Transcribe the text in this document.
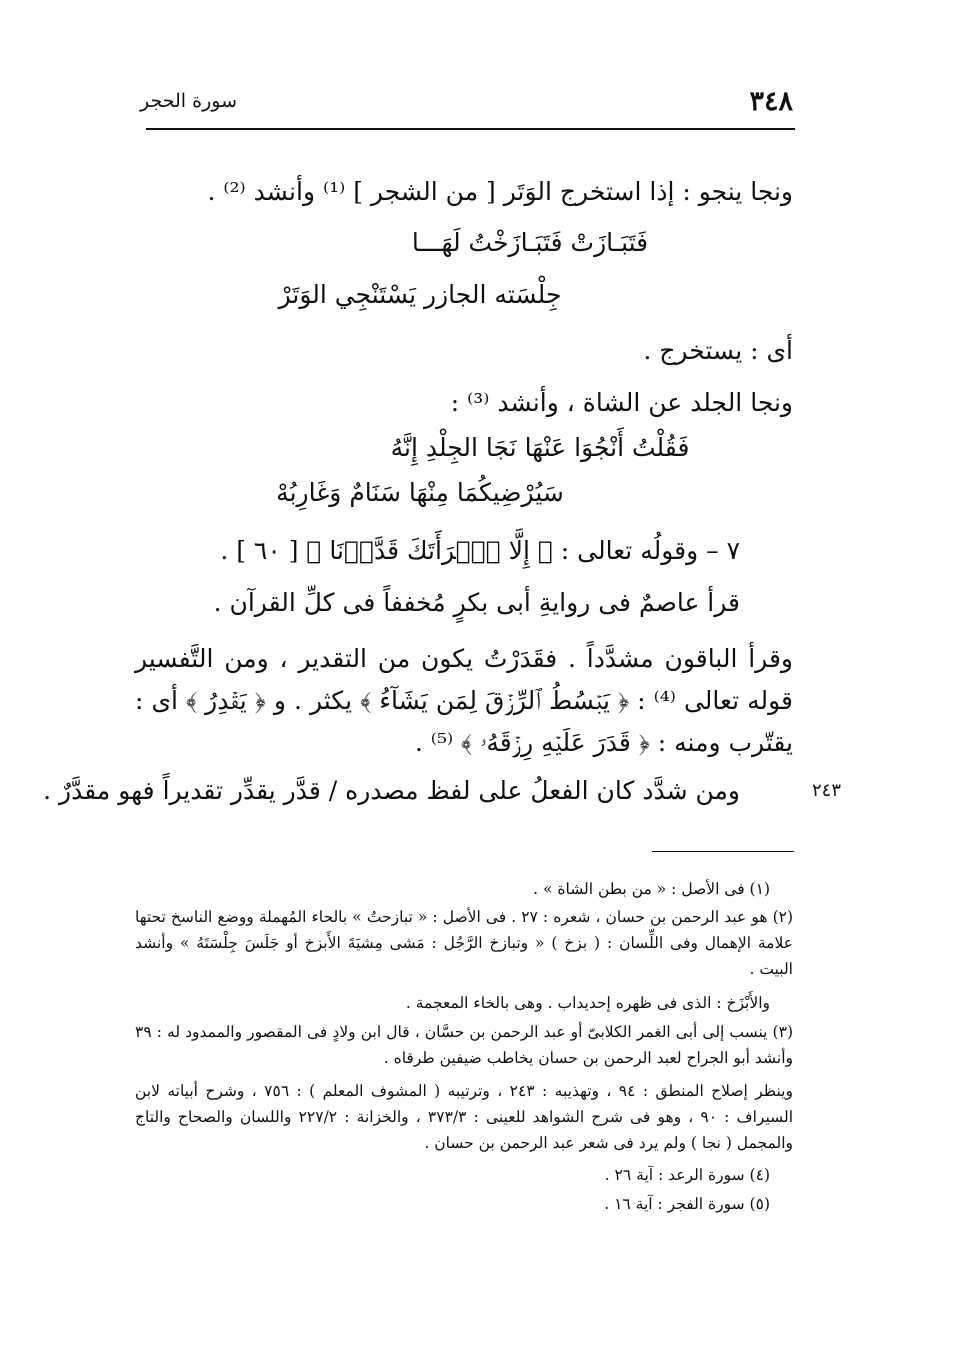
٣٤٨
سورة الحجر
ونجا ينجو : إذا استخرج الوَتَر [ من الشجر ] ⁽¹⁾ وأنشد ⁽²⁾ .
فَتَبَـازَتْ فَتَبَـازَخْتُ لَهَـــا
جِلْسَته الجازر يَسْتَنْجِي الوَتَرْ
أى : يستخرج .
ونجا الجلد عن الشاة ، وأنشد ⁽³⁾ :
فَقُلْتُ أَنْجُوَا عَنْهَا نَجَا الجِلْدِ إِنَّهُ
سَيُرْضِيكُمَا مِنْهَا سَنَامٌ وَغَارِبُهْ
٧ – وقولُه تعالى : ﴿ إِلَّا ٱمۡرَأَتَكَ قَدَّرۡنَا ﴾ [ ٦٠ ] .
قرأ عاصمٌ فى روايةِ أبى بكرٍ مُخففاً فى كلِّ القرآن .
وقرأ الباقون مشدَّداً . فقَدَرْتُ يكون من التقدير ، ومن التَّفسير قوله تعالى ⁽⁴⁾ : ﴿ يَبۡسُطُ ٱلرِّزۡقَ لِمَن يَشَآءُ ﴾ يكثر . و ﴿ يَقۡدِرُ ﴾ أى : يقتّرب ومنه : ﴿ قَدَرَ عَلَيۡهِ رِزۡقَهُۥ ﴾ ⁽⁵⁾ .
ومن شدَّد كان الفعلُ على لفظ مصدره / قدَّر يقدِّر تقديراً فهو مقدَّرٌ .	٢٤٣
(١) فى الأصل : « من بطن الشاة » .
(٢) هو عبد الرحمن بن حسان ، شعره : ٢٧ . فى الأصل : « تبازحتُ » بالحاء المُهملة ووضع الناسخ تحتها علامة الإهمال وفى اللِّسان : ( بزخ ) « وتبازخ الرَّجُل : مَشى مِشيَةَ الأَبزخ أو جَلَسَ جِلْسَتَهُ » وأنشد البيت .
والأَبْزَخ : الذى فى ظهره إحديداب . وهى بالخاء المعجمة .
(٣) ينسب إلى أبى الغمر الكلابىّ أو عبد الرحمن بن حسَّان ، قال ابن ولادٍ فى المقصور والممدود له : ٣٩ وأنشد أبو الجراح لعبد الرحمن بن حسان يخاطب ضيفين طرقاه .
وينظر إصلاح المنطق : ٩٤ ، وتهذيبه : ٢٤٣ ، وترتيبه ( المشوف المعلم ) : ٧٥٦ ، وشرح أبياته لابن السيراف : ٩٠ ، وهو فى شرح الشواهد للعينى : ٣٧٣/٣ ، والخزانة : ٢٢٧/٢ واللسان والصحاح والتاج والمجمل ( نجا ) ولم يرد فى شعر عبد الرحمن بن حسان .
(٤) سورة الرعد : آية ٢٦ .
(٥) سورة الفجر : آية ١٦ .
